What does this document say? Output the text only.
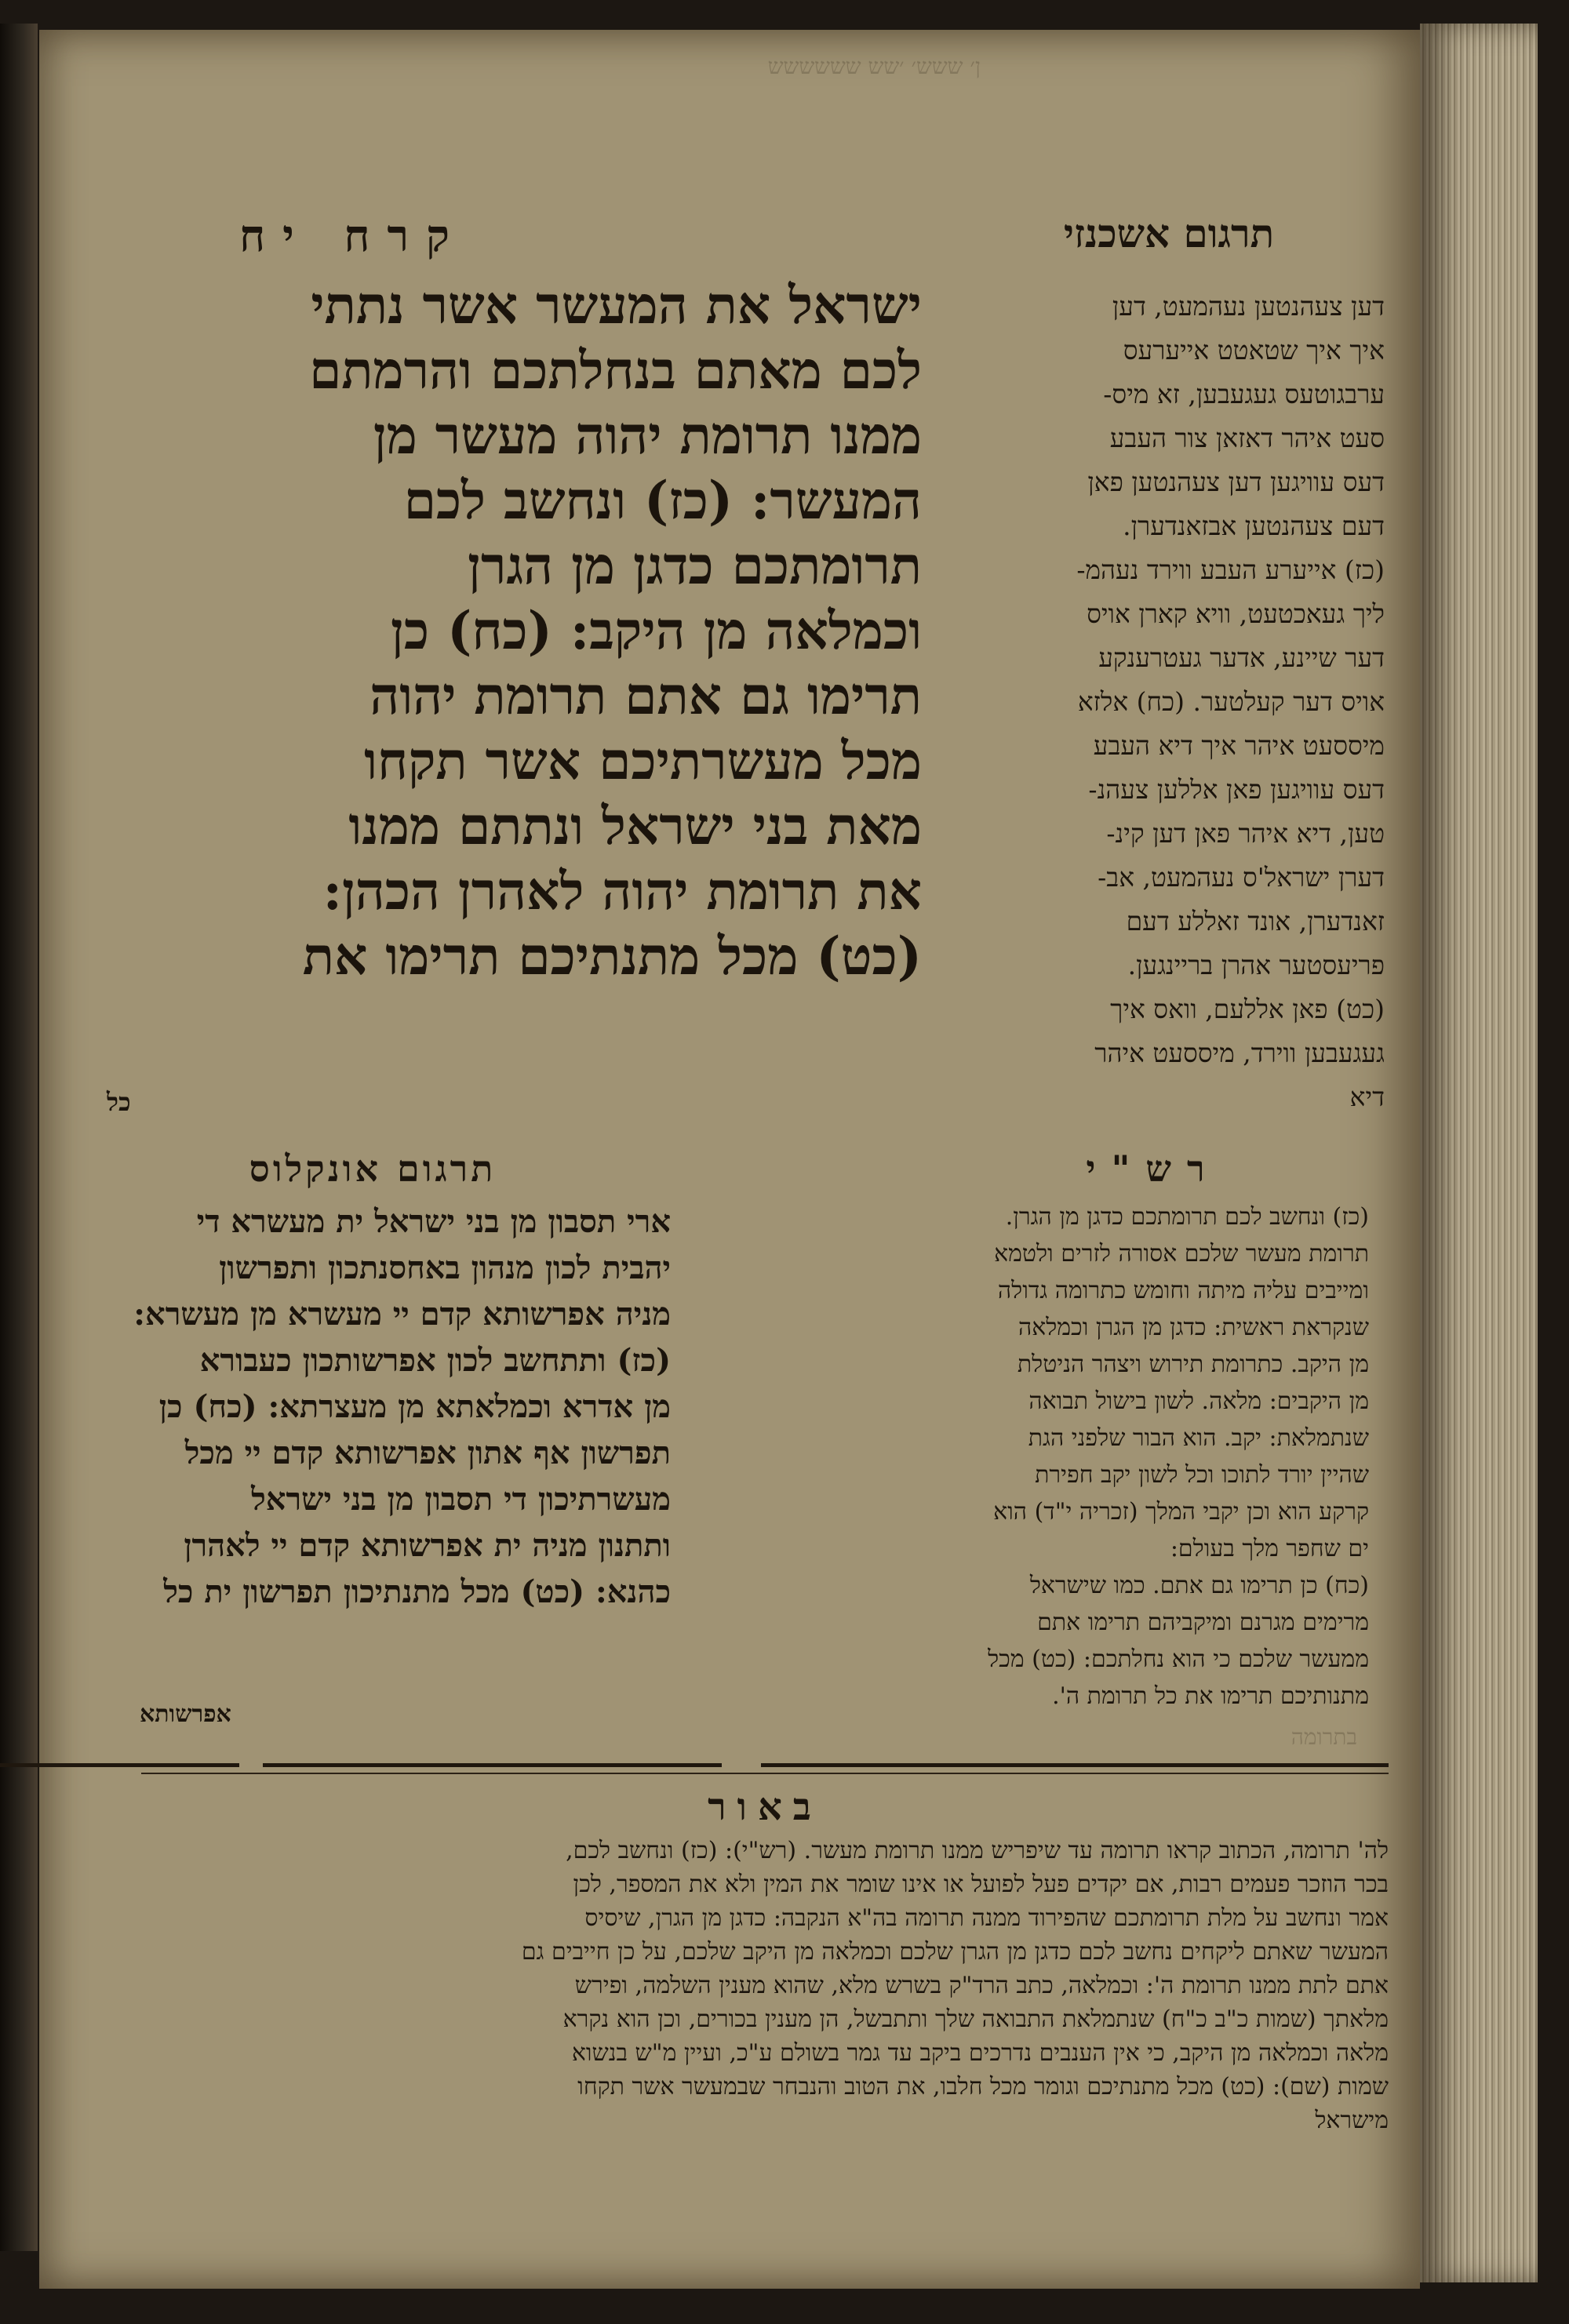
ן׳ ששש׳ ׳שש שששששש
קרח יח	תרגום אשכנזי
ישראל את המעשר אשר נתתי
לכם מאתם בנחלתכם והרמתם
ממנו תרומת יהוה מעשר מן
המעשר: (כז) ונחשב לכם
תרומתכם כדגן מן הגרן
וכמלאה מן היקב: (כח) כן
תרימו גם אתם תרומת יהוה
מכל מעשרתיכם אשר תקחו
מאת בני ישראל ונתתם ממנו
את תרומת יהוה לאהרן הכהן:
(כט) מכל מתנתיכם תרימו את
כל
דען צעהנטען נעהמעט, דען
איך איך שטאטט אייערעס
ערבגוטעס געגעבען, זא מיס-
סעט איהר דאזאן צור העבע
דעס עוויגען דען צעהנטען פאן
דעם צעהנטען אבזאנדערן.
(כז) אייערע העבע ווירד נעהמ-
ליך געאכטעט, וויא קארן אויס
דער שיינע, אדער געטרענקע
אויס דער קעלטער. (כח) אלזא
מיססעט איהר איך דיא העבע
דעס עוויגען פאן אללען צעהנ-
טען, דיא איהר פאן דען קינ-
דערן ישראל'ס נעהמעט, אב-
זאנדערן, אונד זאללע דעם
פריעסטער אהרן בריינגען.
(כט) פאן אללעם, וואס איך
געגעבען ווירד, מיססעט איהר
דיא
תרגום אונקלוס	רש"י
ארי תסבון מן בני ישראל ית מעשרא די
יהבית לכון מנהון באחסנתכון ותפרשון
מניה אפרשותא קדם יי מעשרא מן מעשרא:
(כז) ותתחשב לכון אפרשותכון כעבורא
מן אדרא וכמלאתא מן מעצרתא: (כח) כן
תפרשון אף אתון אפרשותא קדם יי מכל
מעשרתיכון די תסבון מן בני ישראל
ותתנון מניה ית אפרשותא קדם יי לאהרן
כהנא: (כט) מכל מתנתיכון תפרשון ית כל
אפרשותא
(כז) ונחשב לכם תרומתכם כדגן מן הגרן.
תרומת מעשר שלכם אסורה לזרים ולטמא
ומייבים עליה מיתה וחומש כתרומה גדולה
שנקראת ראשית: כדגן מן הגרן וכמלאה
מן היקב. כתרומת תירוש ויצהר הניטלת
מן היקבים: מלאה. לשון בישול תבואה
שנתמלאת: יקב. הוא הבור שלפני הגת
שהיין יורד לתוכו וכל לשון יקב חפירת
קרקע הוא וכן יקבי המלך (זכריה י"ד) הוא
ים שחפר מלך בעולם:
(כח) כן תרימו גם אתם. כמו שישראל
מרימים מגרנם ומיקביהם תרימו אתם
ממעשר שלכם כי הוא נחלתכם: (כט) מכל
מתנותיכם תרימו את כל תרומת ה'.
בתרומה
באור
לה' תרומה, הכתוב קראו תרומה עד שיפריש ממנו תרומת מעשר. (רש"י): (כז) ונחשב לכם,
בכר הוזכר פעמים רבות, אם יקדים פעל לפועל או אינו שומר את המין ולא את המספר, לכן
אמר ונחשב על מלת תרומתכם שהפירוד ממנה תרומה בה"א הנקבה: כדגן מן הגרן, שיסיס
המעשר שאתם ליקחים נחשב לכם כדגן מן הגרן שלכם וכמלאה מן היקב שלכם, על כן חייבים גם
אתם לתת ממנו תרומת ה': וכמלאה, כתב הרד"ק בשרש מלא, שהוא מענין השלמה, ופירש
מלאתך (שמות כ"ב כ"ח) שנתמלאת התבואה שלך ותתבשל, הן מענין בכורים, וכן הוא נקרא
מלאה וכמלאה מן היקב, כי אין הענבים נדרכים ביקב עד גמר בשולם ע"כ, ועיין מ"ש בנשוא
שמות (שם): (כט) מכל מתנתיכם וגומר מכל חלבו, את הטוב והנבחר שבמעשר אשר תקחו
מישראל
